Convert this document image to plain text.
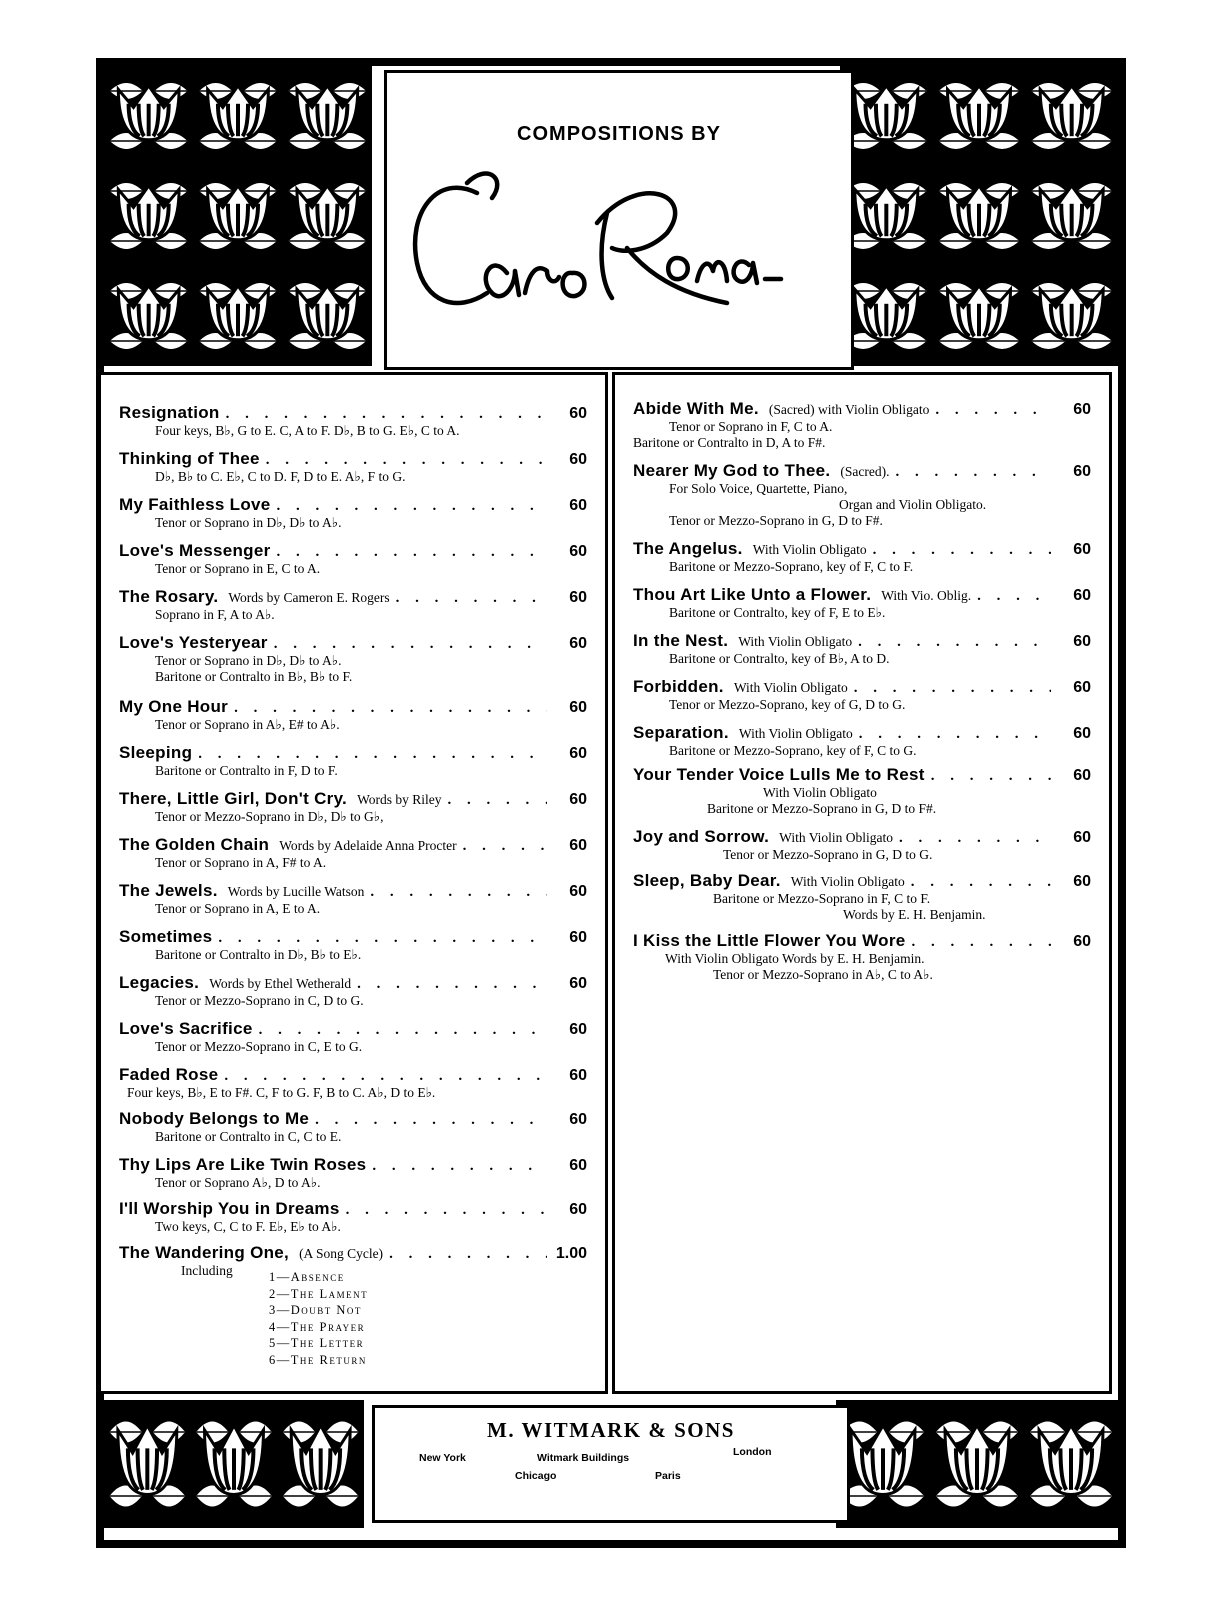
COMPOSITIONS BY
Resignation . . .	60
Four keys, B♭, G to E. C, A to F. D♭, B to G. E♭, C to A.
Thinking of Thee . . .	60
D♭, B♭ to C. E♭, C to D. F, D to E. A♭, F to G.
My Faithless Love . . .	60
Tenor or Soprano in D♭, D♭ to A♭.
Love's Messenger . . .	60
Tenor or Soprano in E, C to A.
The Rosary. Words by Cameron E. Rogers . . .	60
Soprano in F, A to A♭.
Love's Yesteryear . . .	60
Tenor or Soprano in D♭, D♭ to A♭.
Baritone or Contralto in B♭, B♭ to F.
My One Hour . . .	60
Tenor or Soprano in A♭, E# to A♭.
Sleeping . . .	60
Baritone or Contralto in F, D to F.
There, Little Girl, Don't Cry. Words by Riley . . .	60
Tenor or Mezzo-Soprano in D♭, D♭ to G♭,
The Golden Chain Words by Adelaide Anna Procter . . .	60
Tenor or Soprano in A, F# to A.
The Jewels. Words by Lucille Watson . . .	60
Tenor or Soprano in A, E to A.
Sometimes . . .	60
Baritone or Contralto in D♭, B♭ to E♭.
Legacies. Words by Ethel Wetherald . . .	60
Tenor or Mezzo-Soprano in C, D to G.
Love's Sacrifice . . .	60
Tenor or Mezzo-Soprano in C, E to G.
Faded Rose . . .	60
Four keys, B♭, E to F#. C, F to G. F, B to C. A♭, D to E♭.
Nobody Belongs to Me . . .	60
Baritone or Contralto in C, C to E.
Thy Lips Are Like Twin Roses . . .	60
Tenor or Soprano A♭, D to A♭.
I'll Worship You in Dreams . . .	60
Two keys, C, C to F. E♭, E♭ to A♭.
The Wandering One, (A Song Cycle) . . .	1.00
Including	1—Absence
2—The Lament
3—Doubt Not
4—The Prayer
5—The Letter
6—The Return
Abide With Me. (Sacred) with Violin Obligato . . .	60
Tenor or Soprano in F, C to A.
Baritone or Contralto in D, A to F#.
Nearer My God to Thee. (Sacred). . . .	60
For Solo Voice, Quartette, Piano,
Organ and Violin Obligato.
Tenor or Mezzo-Soprano in G, D to F#.
The Angelus. With Violin Obligato . . .	60
Baritone or Mezzo-Soprano, key of F, C to F.
Thou Art Like Unto a Flower. With Vio. Oblig. . . .	60
Baritone or Contralto, key of F, E to E♭.
In the Nest. With Violin Obligato . . .	60
Baritone or Contralto, key of B♭, A to D.
Forbidden. With Violin Obligato . . .	60
Tenor or Mezzo-Soprano, key of G, D to G.
Separation. With Violin Obligato . . .	60
Baritone or Mezzo-Soprano, key of F, C to G.
Your Tender Voice Lulls Me to Rest . . .	60
With Violin Obligato
Baritone or Mezzo-Soprano in G, D to F#.
Joy and Sorrow. With Violin Obligato . . .	60
Tenor or Mezzo-Soprano in G, D to G.
Sleep, Baby Dear. With Violin Obligato . . .	60
Baritone or Mezzo-Soprano in F, C to F.
Words by E. H. Benjamin.
I Kiss the Little Flower You Wore . . .	60
With Violin Obligato Words by E. H. Benjamin.
Tenor or Mezzo-Soprano in A♭, C to A♭.
M. WITMARK & SONS
New York	Witmark Buildings	London
Chicago	Paris
